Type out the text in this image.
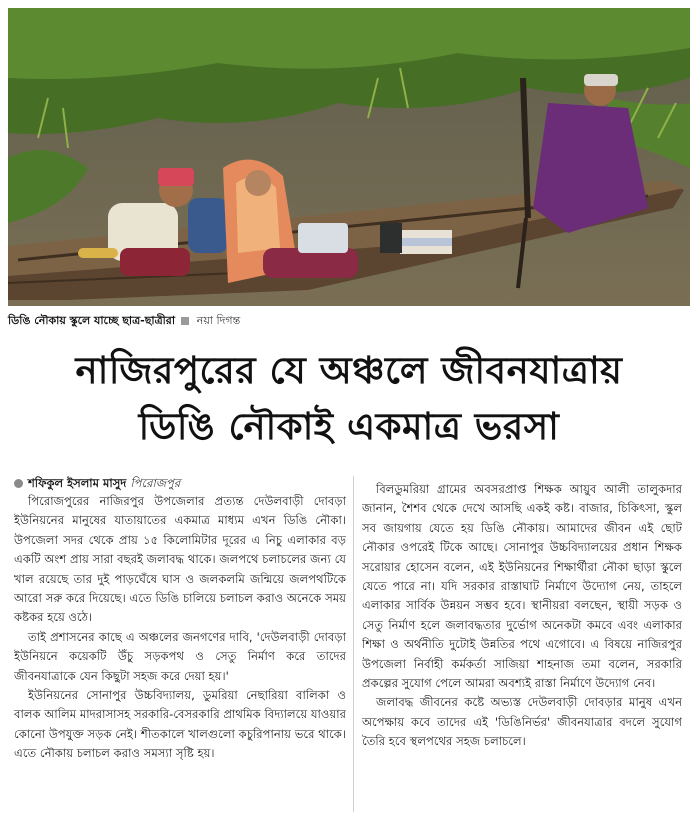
ডিঙি নৌকায় স্কুলে যাচ্ছে ছাত্র-ছাত্রীরা নয়া দিগন্ত
নাজিরপুরের যে অঞ্চলে জীবনযাত্রায়
ডিঙি নৌকাই একমাত্র ভরসা
শফিকুল ইসলাম মাসুদ পিরোজপুর

পিরোজপুরের নাজিরপুর উপজেলার প্রত্যন্ত দেউলবাড়ী দোবড়া ইউনিয়নের মানুষের যাতায়াতের একমাত্র মাধ্যম এখন ডিঙি নৌকা। উপজেলা সদর থেকে প্রায় ১৫ কিলোমিটার দূরের এ নিচু এলাকার বড় একটি অংশ প্রায় সারা বছরই জলাবদ্ধ থাকে। জলপথে চলাচলের জন্য যে খাল রয়েছে তার দুই পাড়ঘেঁষে ঘাস ও জলকলমি জন্মিয়ে জলপথটিকে আরো সরু করে দিয়েছে। এতে ডিঙি চালিয়ে চলাচল করাও অনেকে সময় কষ্টকর হয়ে ওঠে।

তাই প্রশাসনের কাছে এ অঞ্চলের জনগণের দাবি, 'দেউলবাড়ী দোবড়া ইউনিয়নে কয়েকটি উঁচু সড়কপথ ও সেতু নির্মাণ করে তাদের জীবনযাত্রাকে যেন কিছুটা সহজ করে দেয়া হয়।'

ইউনিয়নের সোনাপুর উচ্চবিদ্যালয়, ডুমরিয়া নেছারিয়া বালিকা ও বালক আলিম মাদরাসাসহ সরকারি-বেসরকারি প্রাথমিক বিদ্যালয়ে যাওয়ার কোনো উপযুক্ত সড়ক নেই। শীতকালে খালগুলো কচুরিপানায় ভরে থাকে। এতে নৌকায় চলাচল করাও সমস্যা সৃষ্টি হয়।

বিলডুমরিয়া গ্রামের অবসরপ্রাপ্ত শিক্ষক আয়ুব আলী তালুকদার জানান, শৈশব থেকে দেখে আসছি একই কষ্ট। বাজার, চিকিৎসা, স্কুল সব জায়গায় যেতে হয় ডিঙি নৌকায়। আমাদের জীবন এই ছোট নৌকার ওপরেই টিকে আছে। সোনাপুর উচ্চবিদ্যালয়ের প্রধান শিক্ষক সরোয়ার হোসেন বলেন, এই ইউনিয়নের শিক্ষার্থীরা নৌকা ছাড়া স্কুলে যেতে পারে না। যদি সরকার রাস্তাঘাট নির্মাণে উদ্যোগ নেয়, তাহলে এলাকার সার্বিক উন্নয়ন সম্ভব হবে। স্থানীয়রা বলছেন, স্থায়ী সড়ক ও সেতু নির্মাণ হলে জলাবদ্ধতার দুর্ভোগ অনেকটা কমবে এবং এলাকার শিক্ষা ও অর্থনীতি দুটোই উন্নতির পথে এগোবে। এ বিষয়ে নাজিরপুর উপজেলা নির্বাহী কর্মকর্তা সাজিয়া শাহনাজ তমা বলেন, সরকারি প্রকল্পের সুযোগ পেলে আমরা অবশ্যই রাস্তা নির্মাণে উদ্যোগ নেব।

জলাবদ্ধ জীবনের কষ্টে অভ্যস্ত দেউলবাড়ী দোবড়ার মানুষ এখন অপেক্ষায় কবে তাদের এই 'ডিঙিনির্ভর' জীবনযাত্রার বদলে সুযোগ তৈরি হবে স্থলপথের সহজ চলাচলে।
